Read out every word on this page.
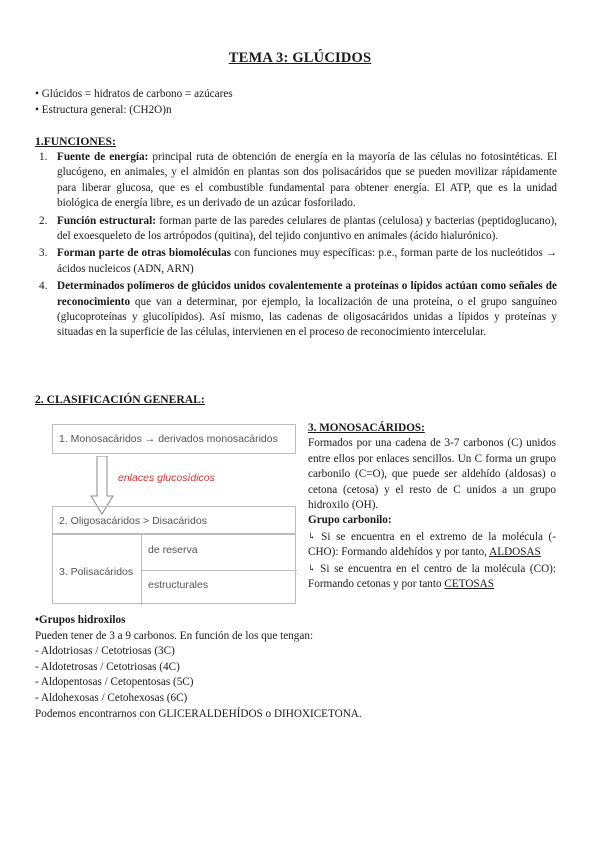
TEMA 3: GLÚCIDOS
• Glúcidos = hidratos de carbono = azúcares
• Estructura general: (CH2O)n
1.FUNCIONES:
1. Fuente de energía: principal ruta de obtención de energía en la mayoría de las células no fotosintéticas. El glucógeno, en animales, y el almidón en plantas son dos polisacáridos que se pueden movilizar rápidamente para liberar glucosa, que es el combustible fundamental para obtener energía. El ATP, que es la unidad biológica de energía libre, es un derivado de un azúcar fosforilado.
2. Función estructural: forman parte de las paredes celulares de plantas (celulosa) y bacterias (peptidoglucano), del exoesqueleto de los artrópodos (quitina), del tejido conjuntivo en animales (ácido hialurónico).
3. Forman parte de otras biomoléculas con funciones muy específicas: p.e., forman parte de los nucleótidos → ácidos nucleicos (ADN, ARN)
4. Determinados polímeros de glúcidos unidos covalentemente a proteínas o lípidos actúan como señales de reconocimiento que van a determinar, por ejemplo, la localización de una proteína, o el grupo sanguíneo (glucoproteínas y glucolípidos). Así mismo, las cadenas de oligosacáridos unidas a lípidos y proteínas y situadas en la superficie de las células, intervienen en el proceso de reconocimiento intercelular.
2. CLASIFICACIÓN GENERAL:
1. Monosacáridos → derivados monosacáridos
enlaces glucosídicos
2. Oligosacáridos > Disacáridos
3. Polisacáridos
de reserva
estructurales
3. MONOSACÁRIDOS:
Formados por una cadena de 3-7 carbonos (C) unidos entre ellos por enlaces sencillos. Un C forma un grupo carbonilo (C=O), que puede ser aldehído (aldosas) o cetona (cetosa) y el resto de C unidos a un grupo hidroxilo (OH).
Grupo carbonilo:
↳ Si se encuentra en el extremo de la molécula (-CHO): Formando aldehídos y por tanto, ALDOSAS
↳ Si se encuentra en el centro de la molécula (CO): Formando cetonas y por tanto CETOSAS
•Grupos hidroxilos
Pueden tener de 3 a 9 carbonos. En función de los que tengan:
- Aldotriosas / Cetotriosas (3C)
- Aldotetrosas / Cetotriosas (4C)
- Aldopentosas / Cetopentosas (5C)
- Aldohexosas / Cetohexosas (6C)
Podemos encontrarnos con GLICERALDEHÍDOS o DIHOXICETONA.
